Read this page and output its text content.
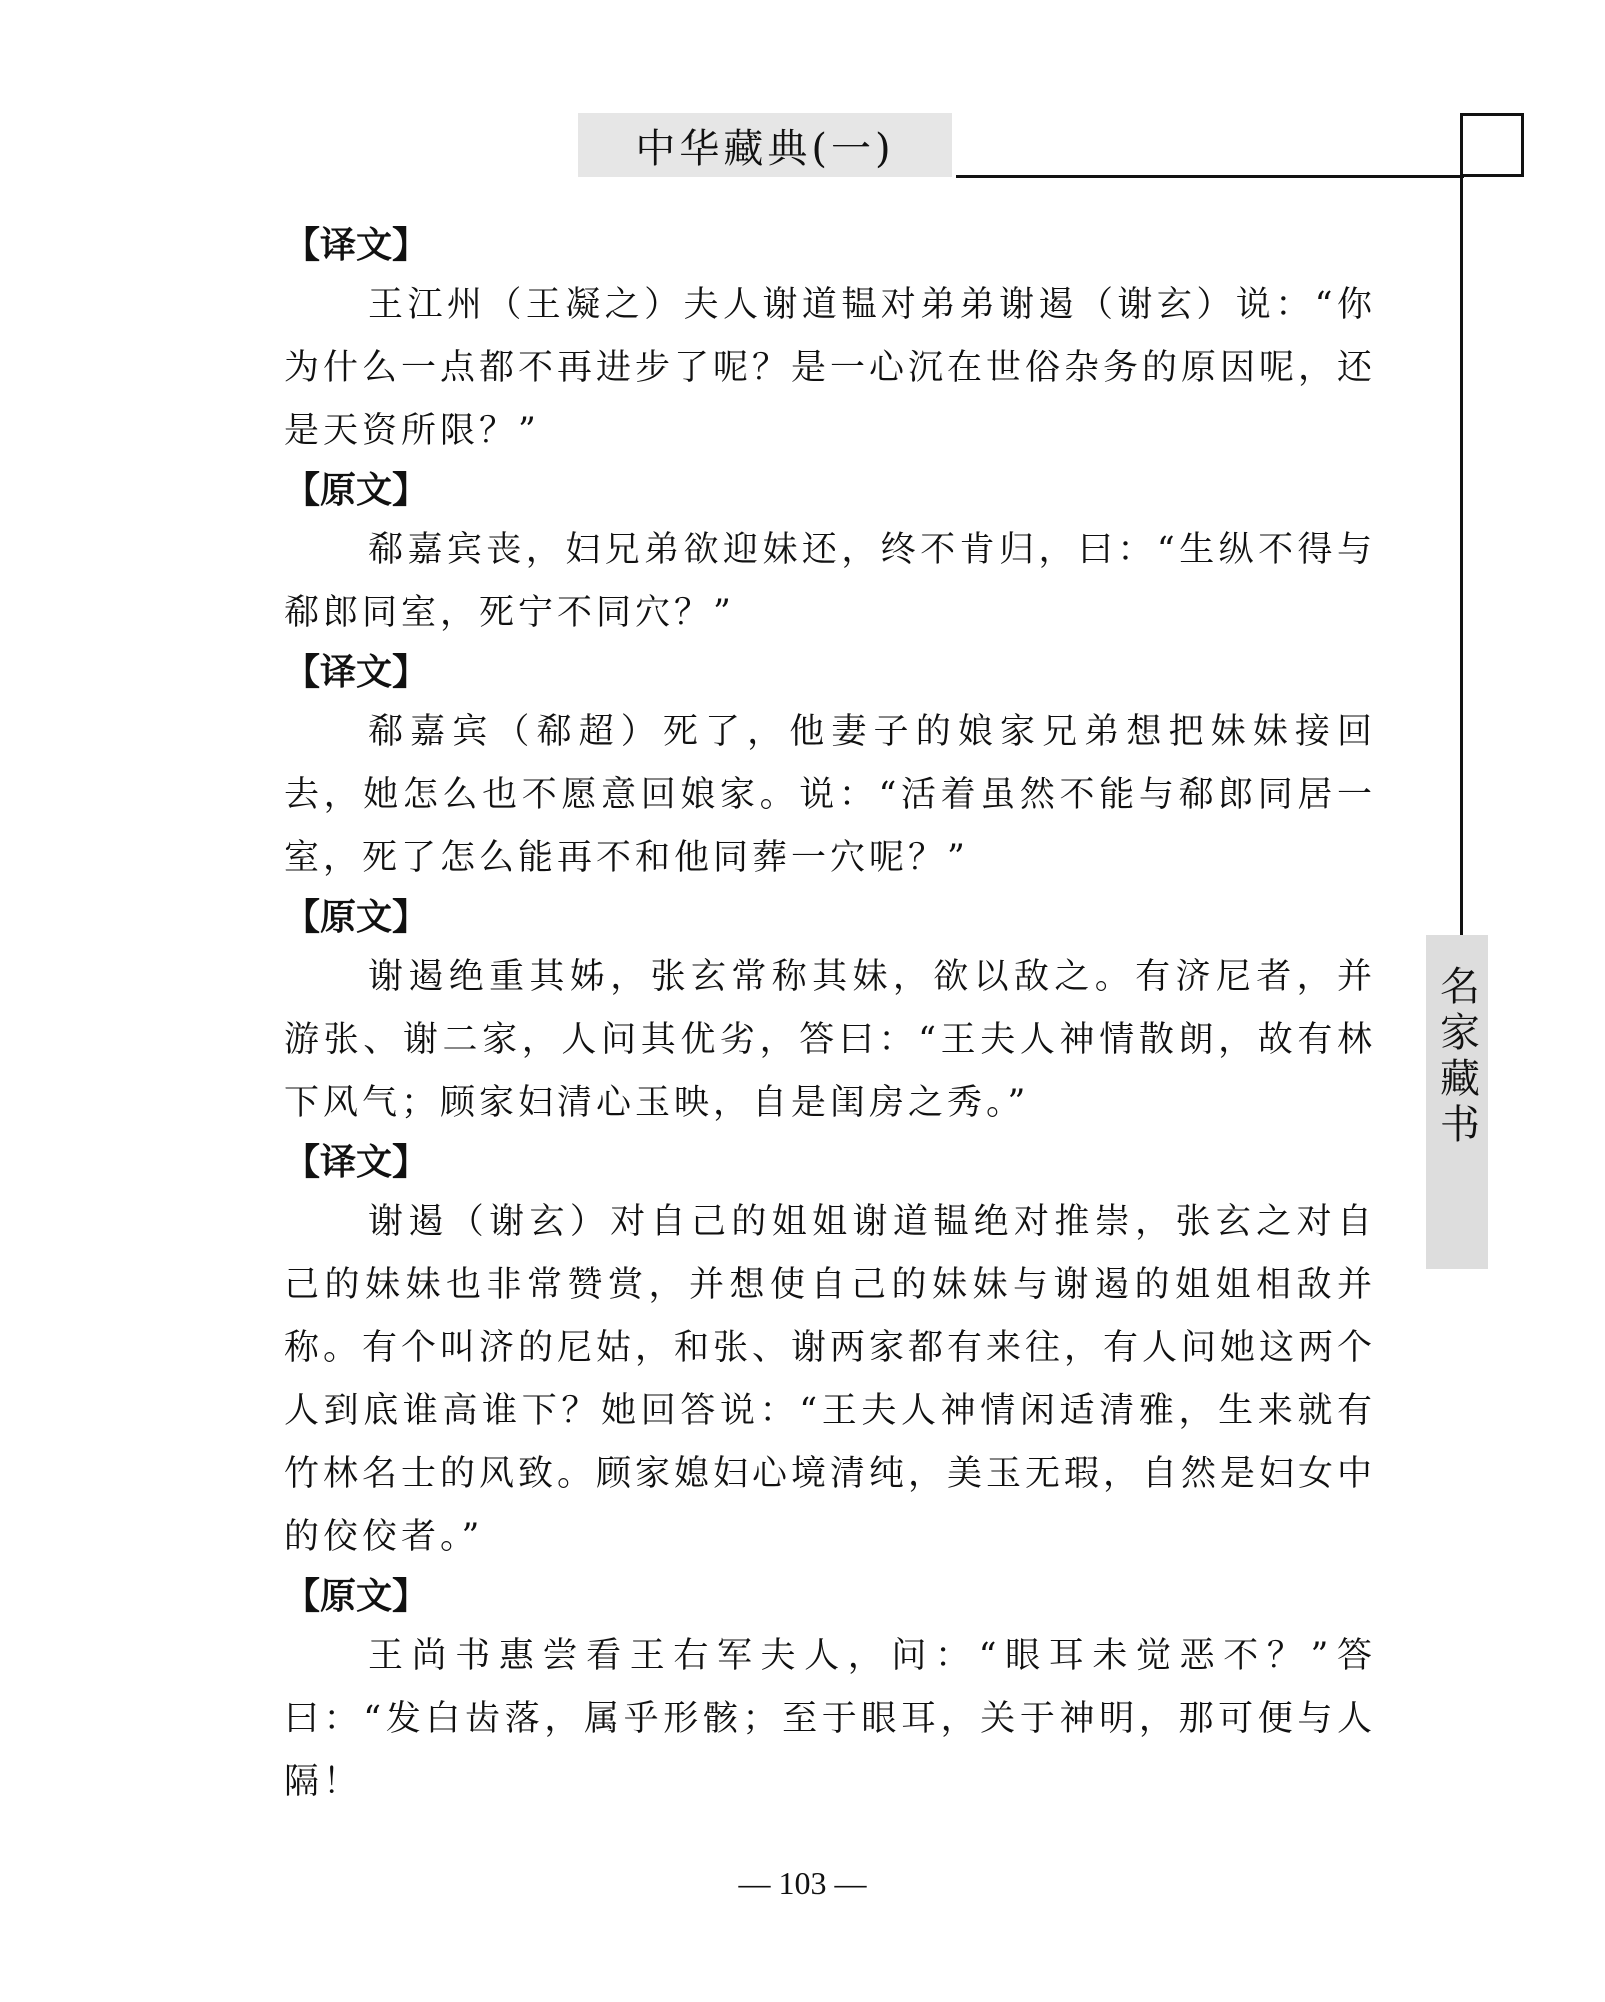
中华藏典(一)
名家藏书

【译文】

王江州（王凝之）夫人谢道韫对弟弟谢遏（谢玄）说：“你为什么一点都不再进步了呢？是一心沉在世俗杂务的原因呢，还是天资所限？”

【原文】

郗嘉宾丧，妇兄弟欲迎妹还，终不肯归，曰：“生纵不得与郗郎同室，死宁不同穴？”

【译文】

郗嘉宾（郗超）死了，他妻子的娘家兄弟想把妹妹接回去，她怎么也不愿意回娘家。说：“活着虽然不能与郗郎同居一室，死了怎么能再不和他同葬一穴呢？”

【原文】

谢遏绝重其姊，张玄常称其妹，欲以敌之。有济尼者，并游张、谢二家，人问其优劣，答曰：“王夫人神情散朗，故有林下风气；顾家妇清心玉映，自是闺房之秀。”

【译文】

谢遏（谢玄）对自己的姐姐谢道韫绝对推崇，张玄之对自己的妹妹也非常赞赏，并想使自己的妹妹与谢遏的姐姐相敌并称。有个叫济的尼姑，和张、谢两家都有来往，有人问她这两个人到底谁高谁下？她回答说：“王夫人神情闲适清雅，生来就有竹林名士的风致。顾家媳妇心境清纯，美玉无瑕，自然是妇女中的佼佼者。”

【原文】

王尚书惠尝看王右军夫人，问：“眼耳未觉恶不？”答曰：“发白齿落，属乎形骸；至于眼耳，关于神明，那可便与人隔！

— 103 —
